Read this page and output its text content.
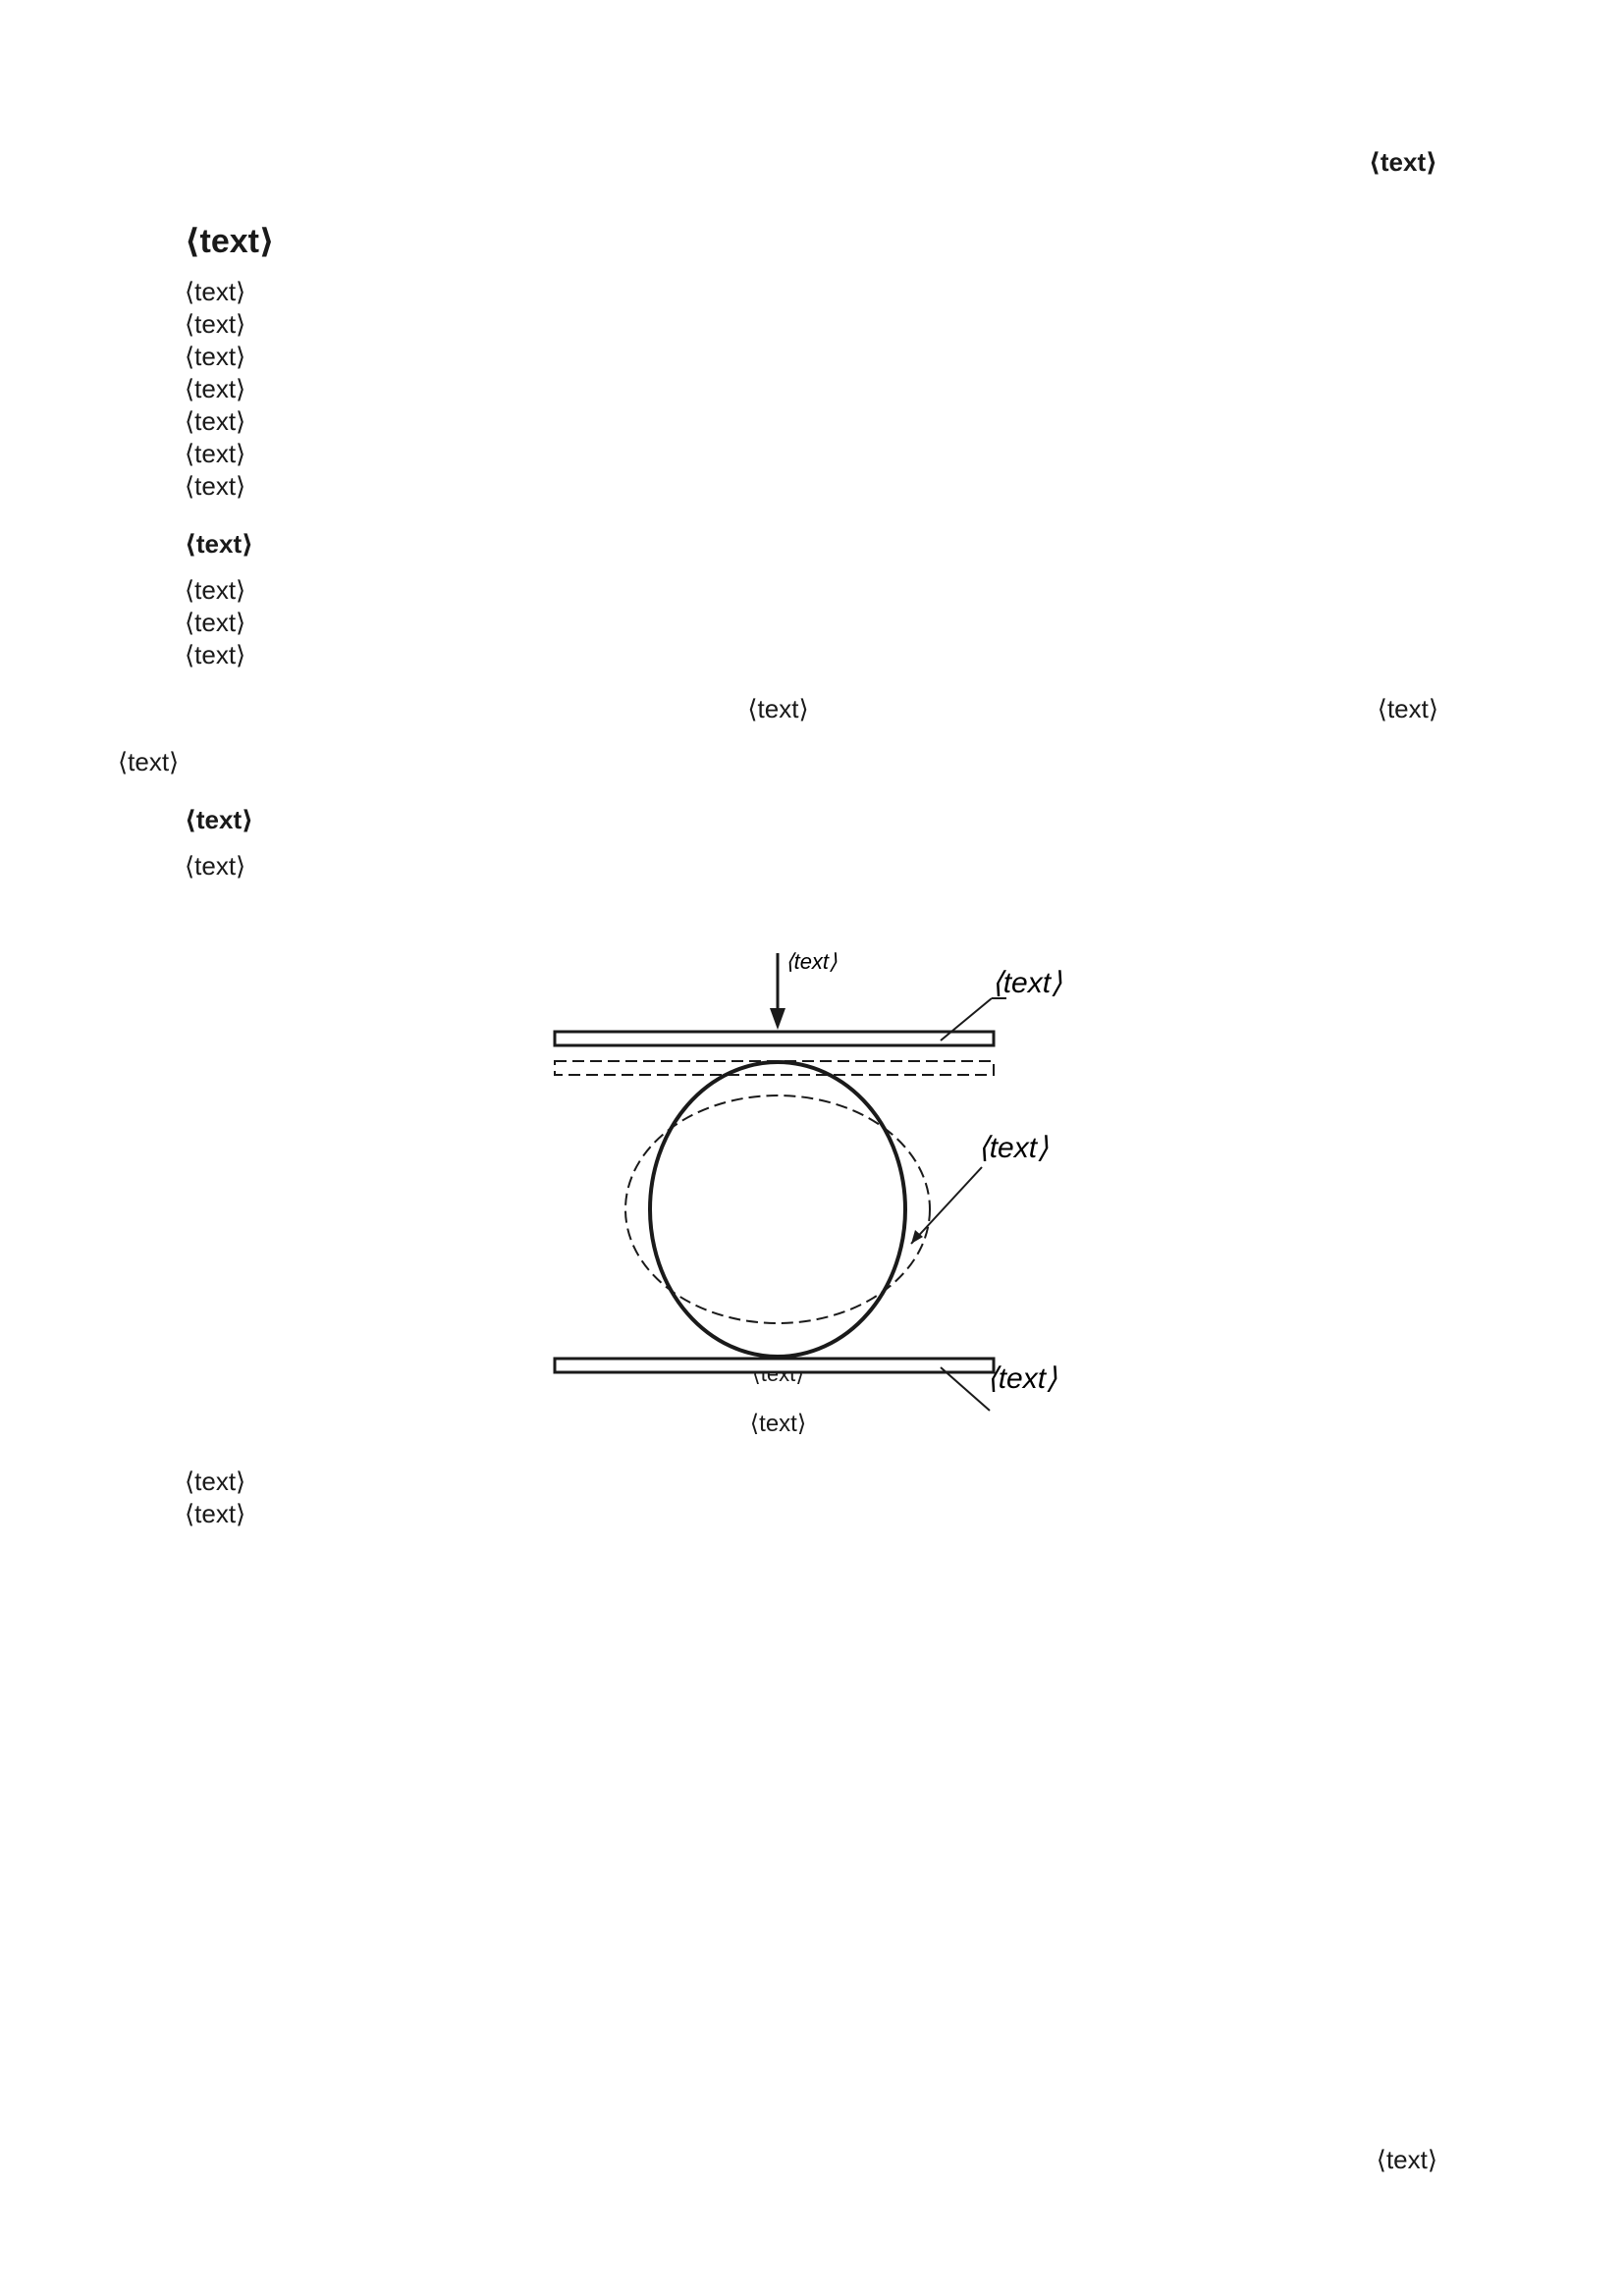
⟨text⟩
⟨text⟩

⟨text⟩

⟨text⟩

⟨text⟩

⟨text⟩

⟨text⟩

⟨text⟩

⟨text⟩

⟨text⟩

⟨text⟩

⟨text⟩

⟨text⟩

⟨text⟩	⟨text⟩

⟨text⟩

⟨text⟩

⟨text⟩

⟨text⟩
⟨text⟩
⟨text⟩
⟨text⟩
⟨text⟩

⟨text⟩

⟨text⟩

⟨text⟩
